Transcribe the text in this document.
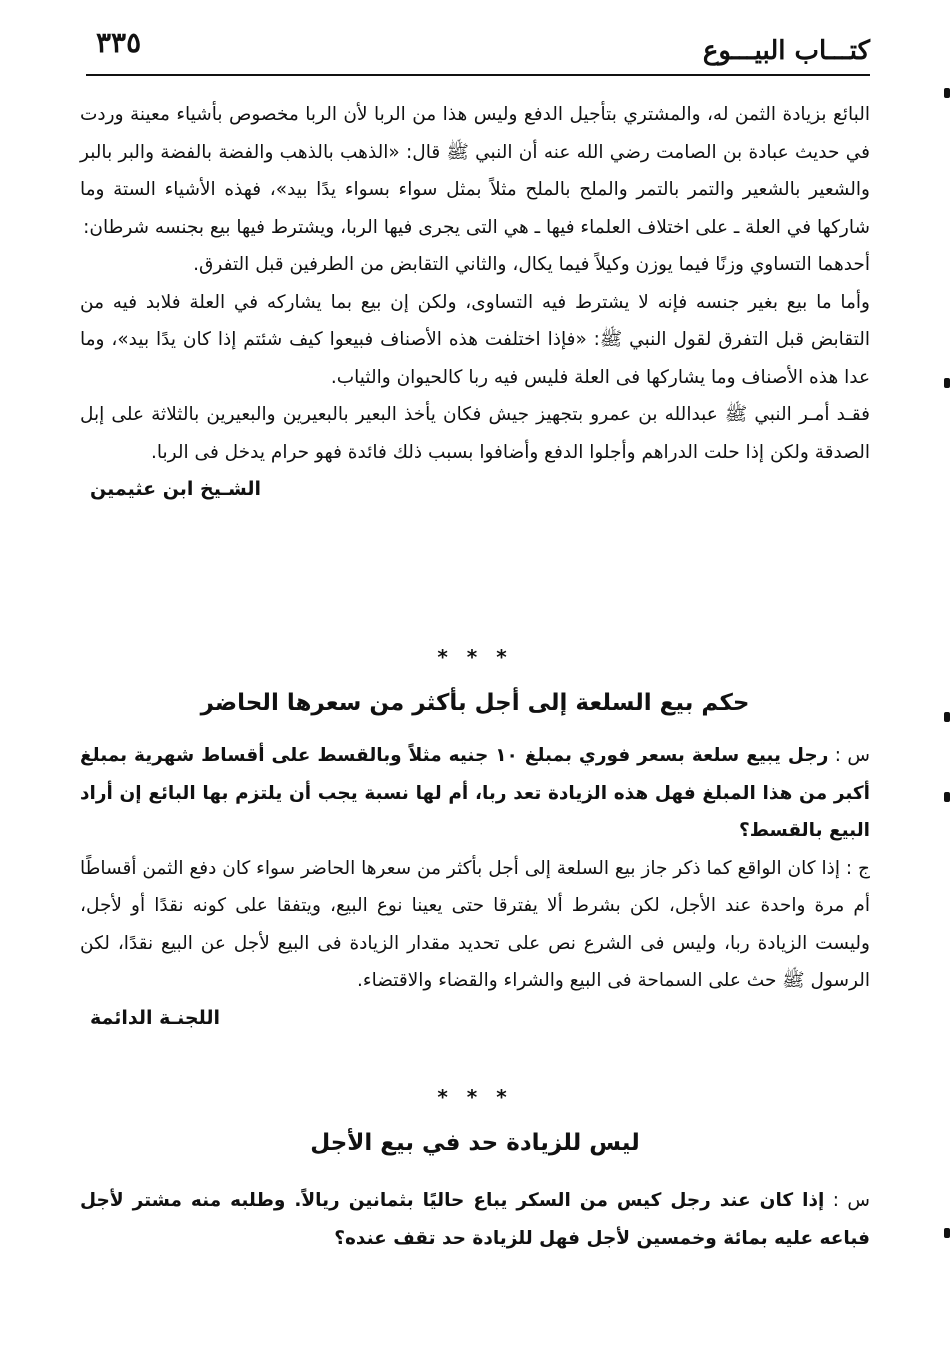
كتـــاب البيـــوع
٣٣٥

البائع بزيادة الثمن له، والمشتري بتأجيل الدفع وليس هذا من الربا لأن الربا مخصوص بأشياء معينة وردت في حديث عبادة بن الصامت رضي الله عنه أن النبي ﷺ قال: «الذهب بالذهب والفضة بالفضة والبر بالبر والشعير بالشعير والتمر بالتمر والملح بالملح مثلاً بمثل سواء بسواء يدًا بيد»، فهذه الأشياء الستة وما شاركها في العلة ـ على اختلاف العلماء فيها ـ هي التى يجرى فيها الربا، ويشترط فيها بيع بجنسه شرطان:

أحدهما التساوي وزنًا فيما يوزن وكيلاً فيما يكال، والثاني التقابض من الطرفين قبل التفرق.

وأما ما بيع بغير جنسه فإنه لا يشترط فيه التساوى، ولكن إن بيع بما يشاركه في العلة فلابد فيه من التقابض قبل التفرق لقول النبي ﷺ: «فإذا اختلفت هذه الأصناف فبيعوا كيف شئتم إذا كان يدًا بيد»، وما عدا هذه الأصناف وما يشاركها فى العلة فليس فيه ربا كالحيوان والثياب.

فقـد أمـر النبي ﷺ عبدالله بن عمرو بتجهيز جيش فكان يأخذ البعير بالبعيرين والبعيرين بالثلاثة على إبل الصدقة ولكن إذا حلت الدراهم وأجلوا الدفع وأضافوا بسبب ذلك فائدة فهو حرام يدخل فى الربا.

الشـيخ ابن عثيمين
* * *
حكم بيع السلعة إلى أجل بأكثر من سعرها الحاضر

س : رجل يبيع سلعة بسعر فوري بمبلغ ١٠ جنيه مثلاً وبالقسط على أقساط شهرية بمبلغ أكبر من هذا المبلغ فهل هذه الزيادة تعد ربا، أم لها نسبة يجب أن يلتزم بها البائع إن أراد البيع بالقسط؟

ج : إذا كان الواقع كما ذكر جاز بيع السلعة إلى أجل بأكثر من سعرها الحاضر سواء كان دفع الثمن أقساطًا أم مرة واحدة عند الأجل، لكن بشرط ألا يفترقا حتى يعينا نوع البيع، ويتفقا على كونه نقدًا أو لأجل، وليست الزيادة ربا، وليس فى الشرع نص على تحديد مقدار الزيادة فى البيع لأجل عن البيع نقدًا، لكن الرسول ﷺ حث على السماحة فى البيع والشراء والقضاء والاقتضاء.

اللجنـة الدائمة
* * *
ليس للزيادة حد في بيع الأجل

س : إذا كان عند رجل كيس من السكر يباع حاليًا بثمانين ريالاً. وطلبه منه مشتر لأجل فباعه عليه بمائة وخمسين لأجل فهل للزيادة حد تقف عنده؟
